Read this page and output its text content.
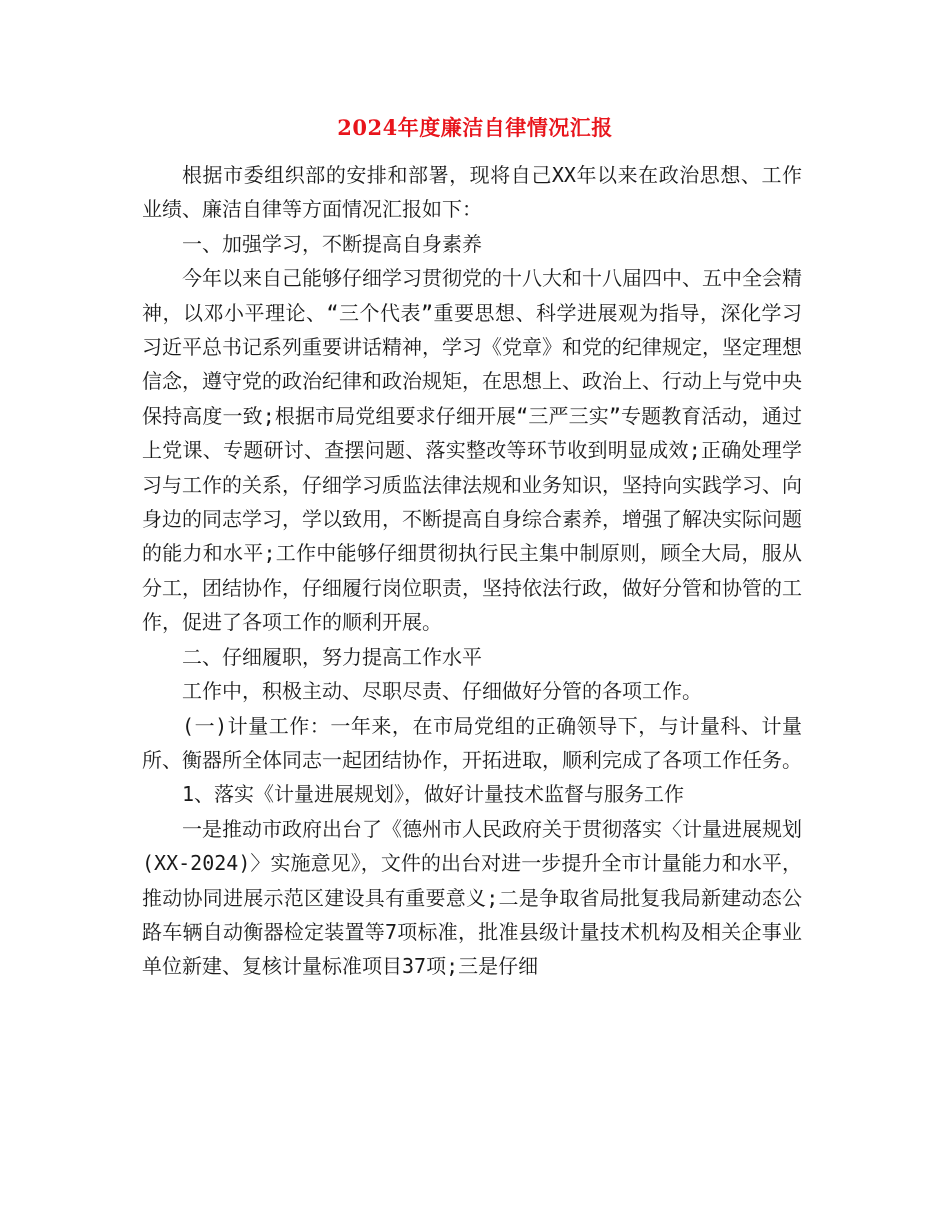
2024年度廉洁自律情况汇报

根据市委组织部的安排和部署，现将自己XX年以来在政治思想、工作业绩、廉洁自律等方面情况汇报如下：

一、加强学习，不断提高自身素养

今年以来自己能够仔细学习贯彻党的十八大和十八届四中、五中全会精神，以邓小平理论、“三个代表”重要思想、科学进展观为指导，深化学习习近平总书记系列重要讲话精神，学习《党章》和党的纪律规定，坚定理想信念，遵守党的政治纪律和政治规矩，在思想上、政治上、行动上与党中央保持高度一致;根据市局党组要求仔细开展“三严三实”专题教育活动，通过上党课、专题研讨、查摆问题、落实整改等环节收到明显成效;正确处理学习与工作的关系，仔细学习质监法律法规和业务知识，坚持向实践学习、向身边的同志学习，学以致用，不断提高自身综合素养，增强了解决实际问题的能力和水平;工作中能够仔细贯彻执行民主集中制原则，顾全大局，服从分工，团结协作，仔细履行岗位职责，坚持依法行政，做好分管和协管的工作，促进了各项工作的顺利开展。

二、仔细履职，努力提高工作水平

工作中，积极主动、尽职尽责、仔细做好分管的各项工作。

(一)计量工作：一年来，在市局党组的正确领导下，与计量科、计量所、衡器所全体同志一起团结协作，开拓进取，顺利完成了各项工作任务。

1、落实《计量进展规划》，做好计量技术监督与服务工作

一是推动市政府出台了《德州市人民政府关于贯彻落实〈计量进展规划(XX-2024)〉实施意见》，文件的出台对进一步提升全市计量能力和水平，推动协同进展示范区建设具有重要意义;二是争取省局批复我局新建动态公路车辆自动衡器检定装置等7项标准，批准县级计量技术机构及相关企事业单位新建、复核计量标准项目37项;三是仔细
